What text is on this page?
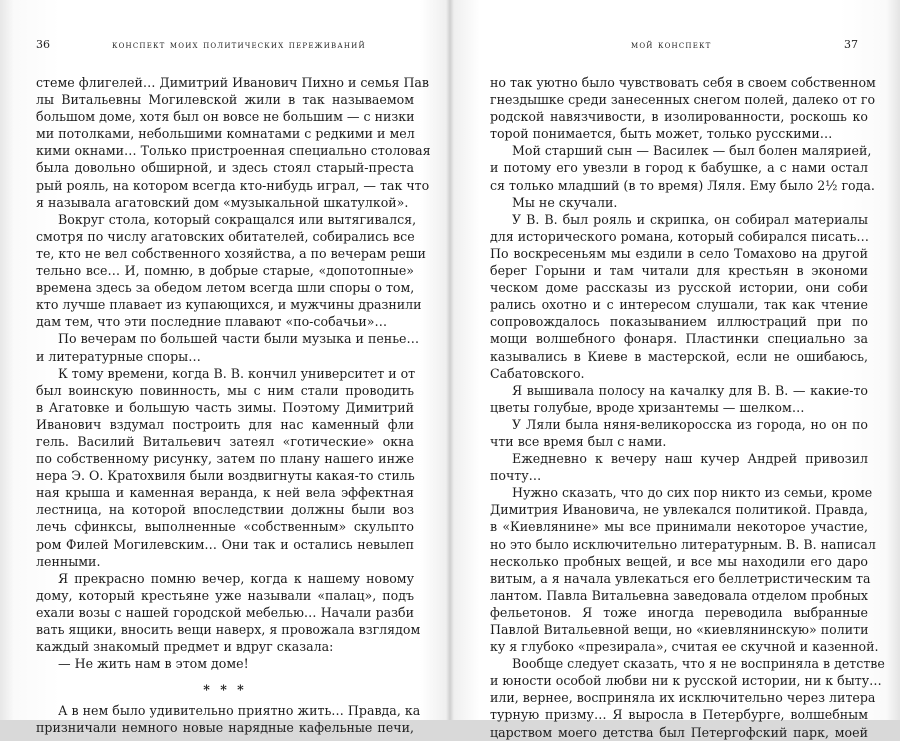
36	конспект моих политических переживаний
стеме флигелей… Димитрий Иванович Пихно и семья Пав
лы Витальевны Могилевской жили в так называемом
большом доме, хотя был он вовсе не большим — с низки
ми потолками, небольшими комнатами с редкими и мел
кими окнами… Только пристроенная специально столовая
была довольно обширной, и здесь стоял старый-преста
рый рояль, на котором всегда кто-нибудь играл, — так что
я называла агатовский дом «музыкальной шкатулкой».
Вокруг стола, который сокращался или вытягивался,
смотря по числу агатовских обитателей, собирались все
те, кто не вел собственного хозяйства, а по вечерам реши
тельно все… И, помню, в добрые старые, «допотопные»
времена здесь за обедом летом всегда шли споры о том,
кто лучше плавает из купающихся, и мужчины дразнили
дам тем, что эти последние плавают «по-собачьи»…
По вечерам по большей части были музыка и пенье…
и литературные споры…
К тому времени, когда В. В. кончил университет и от
был воинскую повинность, мы с ним стали проводить
в Агатовке и большую часть зимы. Поэтому Димитрий
Иванович вздумал построить для нас каменный фли
гель. Василий Витальевич затеял «готические» окна
по собственному рисунку, затем по плану нашего инже
нера Э. О. Кратохвиля были воздвигнуты какая-то стиль
ная крыша и каменная веранда, к ней вела эффектная
лестница, на которой впоследствии должны были воз
лечь сфинксы, выполненные «собственным» скульпто
ром Филей Могилевским… Они так и остались невылеп
ленными.
Я прекрасно помню вечер, когда к нашему новому
дому, который крестьяне уже называли «палац», подъ
ехали возы с нашей городской мебелью… Начали разби
вать ящики, вносить вещи наверх, я провожала взглядом
каждый знакомый предмет и вдруг сказала:
— Не жить нам в этом доме!
* * *
А в нем было удивительно приятно жить… Правда, ка
призничали немного новые нарядные кафельные печи,
мой конспект	37
но так уютно было чувствовать себя в своем собственном
гнездышке среди занесенных снегом полей, далеко от го
родской навязчивости, в изолированности, роскошь ко
торой понимается, быть может, только русскими…
Мой старший сын — Василек — был болен малярией,
и потому его увезли в город к бабушке, а с нами остал
ся только младший (в то время) Ляля. Ему было 2½ года.
Мы не скучали.
У В. В. был рояль и скрипка, он собирал материалы
для исторического романа, который собирался писать…
По воскресеньям мы ездили в село Томахово на другой
берег Горыни и там читали для крестьян в экономи
ческом доме рассказы из русской истории, они соби
рались охотно и с интересом слушали, так как чтение
сопровождалось показыванием иллюстраций при по
мощи волшебного фонаря. Пластинки специально за
казывались в Киеве в мастерской, если не ошибаюсь,
Сабатовского.
Я вышивала полосу на качалку для В. В. — какие-то
цветы голубые, вроде хризантемы — шелком…
У Ляли была няня-великоросска из города, но он по
чти все время был с нами.
Ежедневно к вечеру наш кучер Андрей привозил
почту…
Нужно сказать, что до сих пор никто из семьи, кроме
Димитрия Ивановича, не увлекался политикой. Правда,
в «Киевлянине» мы все принимали некоторое участие,
но это было исключительно литературным. В. В. написал
несколько пробных вещей, и все мы находили его даро
витым, а я начала увлекаться его беллетристическим та
лантом. Павла Витальевна заведовала отделом пробных
фельетонов. Я тоже иногда переводила выбранные
Павлой Витальевной вещи, но «киевлянинскую» полити
ку я глубоко «презирала», считая ее скучной и казенной.
Вообще следует сказать, что я не восприняла в детстве
и юности особой любви ни к русской истории, ни к быту…
или, вернее, восприняла их исключительно через литера
турную призму… Я выросла в Петербурге, волшебным
царством моего детства был Петергофский парк, моей
